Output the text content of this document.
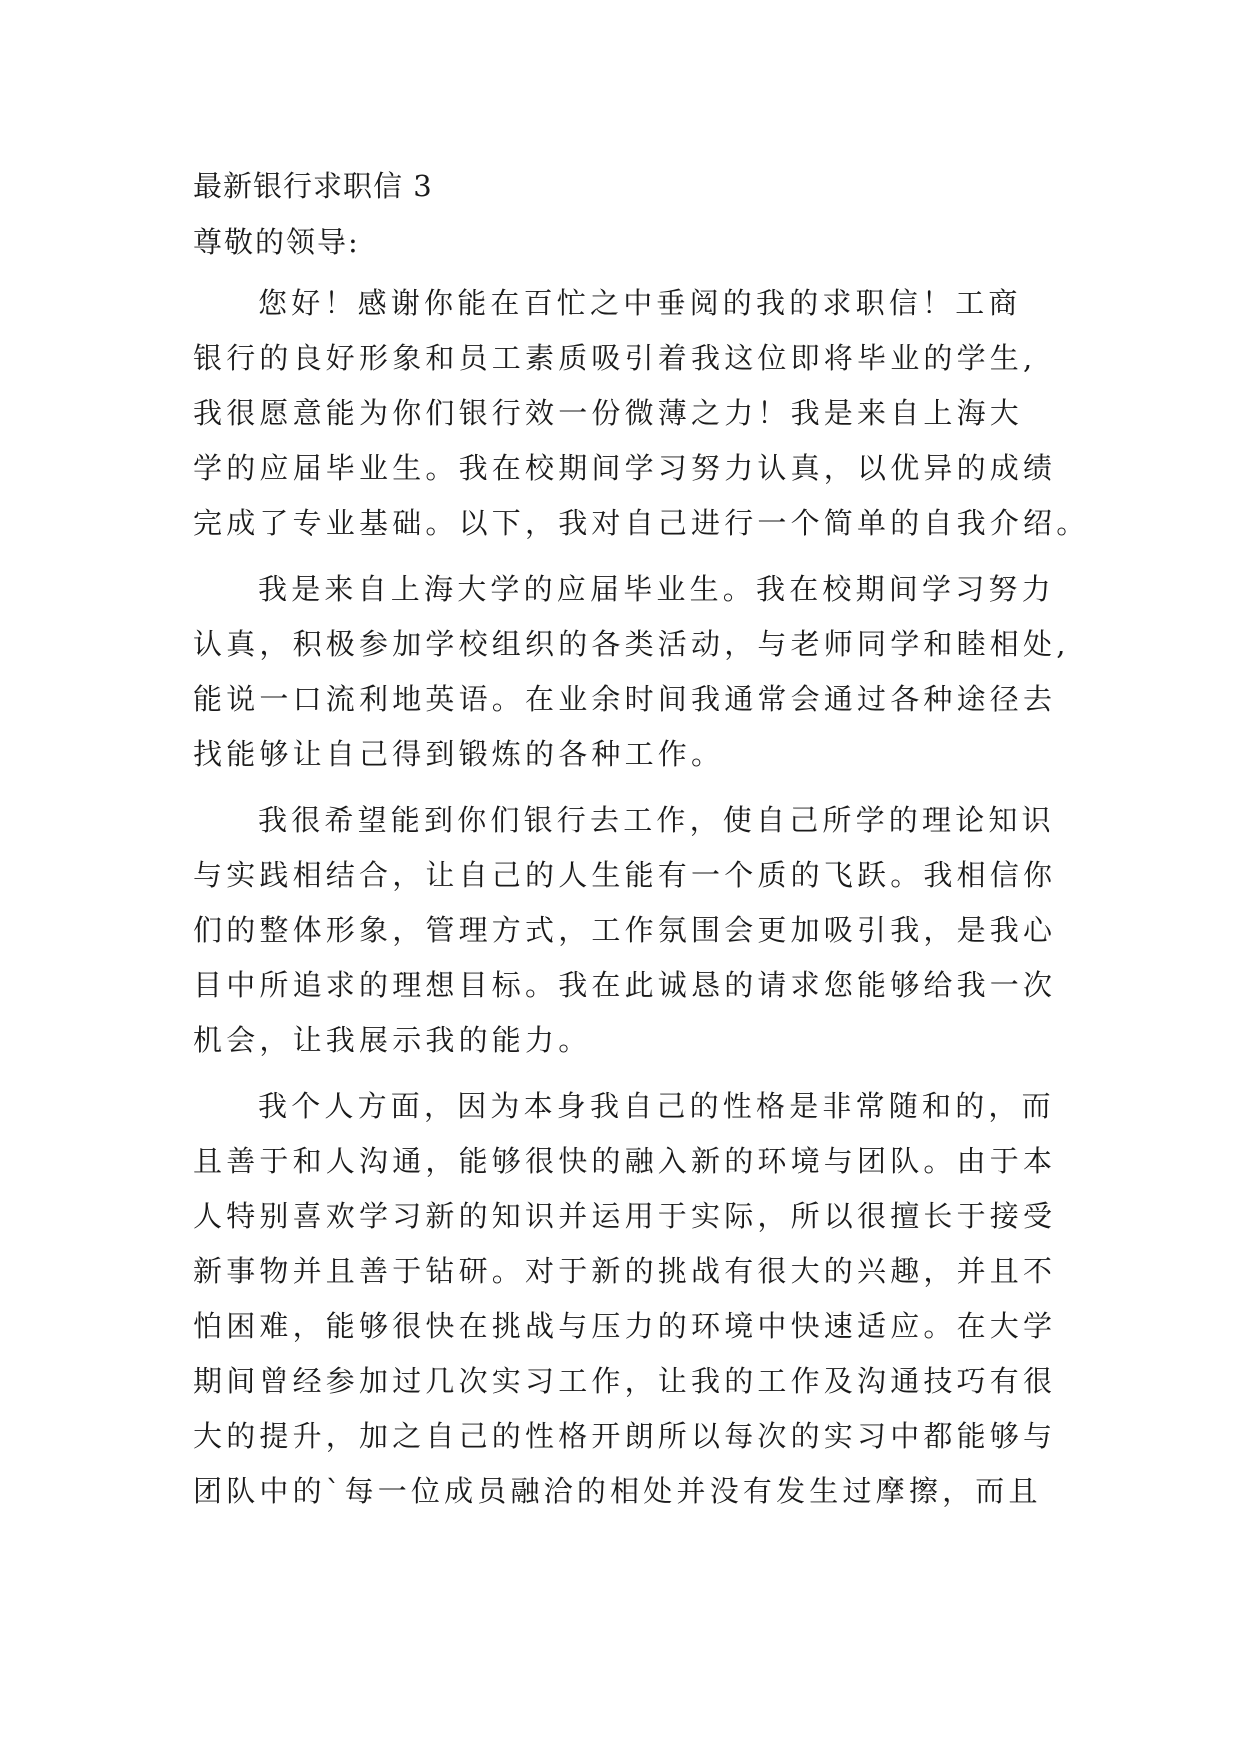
最新银行求职信 3
尊敬的领导:
您好！感谢你能在百忙之中垂阅的我的求职信！工商
银行的良好形象和员工素质吸引着我这位即将毕业的学生,
我很愿意能为你们银行效一份微薄之力！我是来自上海大
学的应届毕业生。我在校期间学习努力认真，以优异的成绩
完成了专业基础。以下，我对自己进行一个简单的自我介绍。
我是来自上海大学的应届毕业生。我在校期间学习努力
认真，积极参加学校组织的各类活动，与老师同学和睦相处,
能说一口流利地英语。在业余时间我通常会通过各种途径去
找能够让自己得到锻炼的各种工作。
我很希望能到你们银行去工作，使自己所学的理论知识
与实践相结合，让自己的人生能有一个质的飞跃。我相信你
们的整体形象，管理方式，工作氛围会更加吸引我，是我心
目中所追求的理想目标。我在此诚恳的请求您能够给我一次
机会，让我展示我的能力。
我个人方面，因为本身我自己的性格是非常随和的，而
且善于和人沟通，能够很快的融入新的环境与团队。由于本
人特别喜欢学习新的知识并运用于实际，所以很擅长于接受
新事物并且善于钻研。对于新的挑战有很大的兴趣，并且不
怕困难，能够很快在挑战与压力的环境中快速适应。在大学
期间曾经参加过几次实习工作，让我的工作及沟通技巧有很
大的提升，加之自己的性格开朗所以每次的实习中都能够与
团队中的`每一位成员融洽的相处并没有发生过摩擦，而且
